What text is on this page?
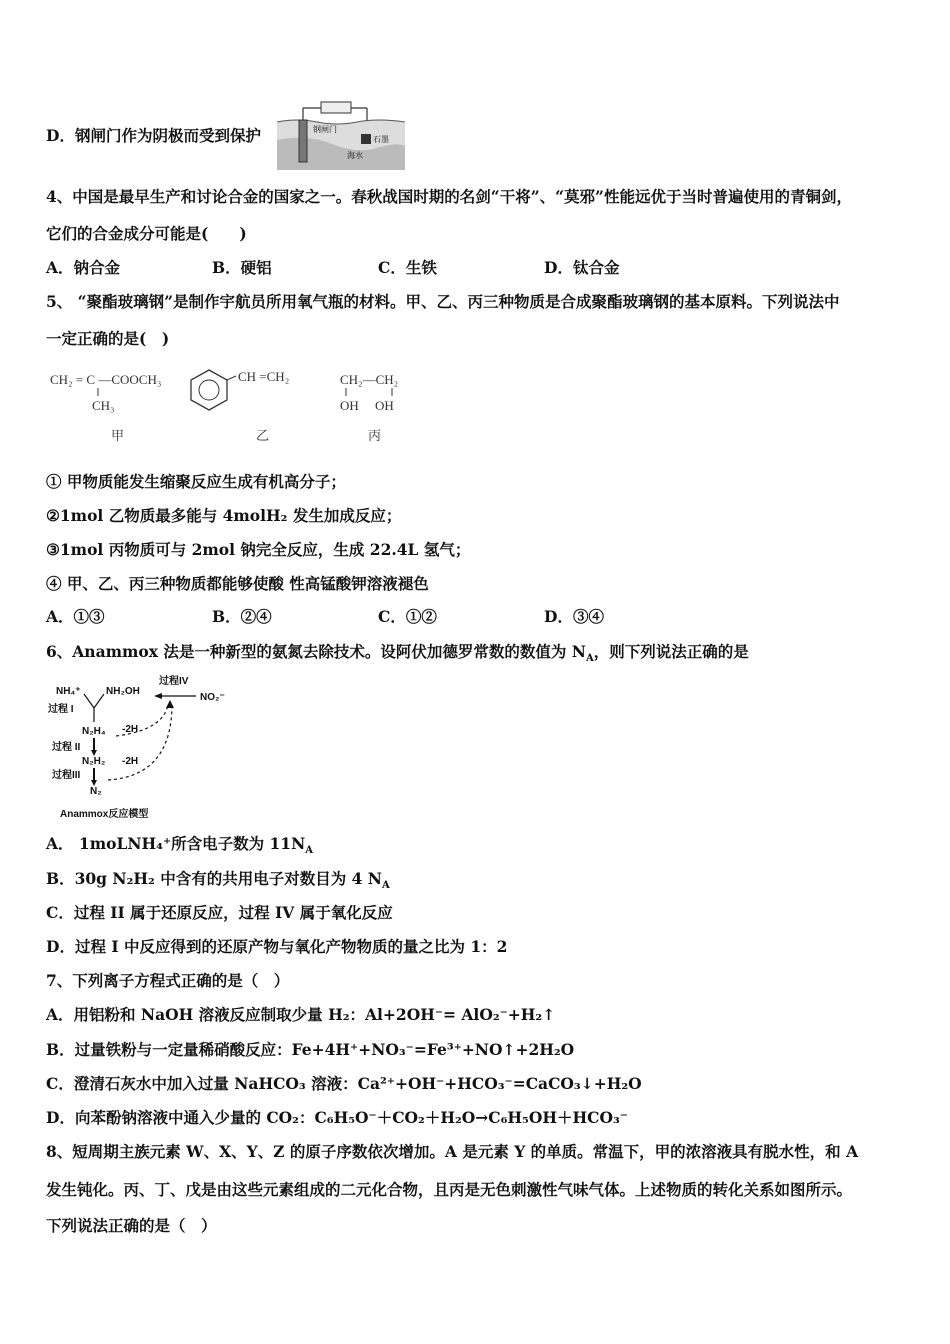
D．钢闸门作为阴极而受到保护	钢闸门
石墨
海水
4、中国是最早生产和讨论合金的国家之一。春秋战国时期的名剑“干将”、“莫邪”性能远优于当时普遍使用的青铜剑，
它们的合金成分可能是(　　)
A．钠合金	B．硬铝	C．生铁	D．钛合金
5、 “聚酯玻璃钢”是制作宇航员所用氧气瓶的材料。甲、乙、丙三种物质是合成聚酯玻璃钢的基本原料。下列说法中
一定正确的是(　)
CH₂ = C —COOCH₃
CH₃
甲
CH =CH₂
乙
CH₂—CH₂
OH　 OH
丙
① 甲物质能发生缩聚反应生成有机高分子；
②1mol 乙物质最多能与 4molH₂ 发生加成反应；
③1mol 丙物质可与 2mol 钠完全反应，生成 22.4L 氢气；
④ 甲、乙、丙三种物质都能够使酸 性高锰酸钾溶液褪色
A．①③	B．②④	C．①②	D．③④
6、Anammox 法是一种新型的氨氮去除技术。设阿伏加德罗常数的数值为 $N_A$，则下列说法正确的是
NH₄⁺	NH₂OH
NO₂⁻
过程IV
过程 I
N₂H₄ -2H
过程 II
N₂H₂ -2H
过程III
N₂
Anammox反应模型
A． 1moLNH₄⁺所含电子数为 $11N_A$
B．30g N₂H₂ 中含有的共用电子对数目为 4 $N_A$
C．过程 II 属于还原反应，过程 IV 属于氧化反应
D．过程 I 中反应得到的还原产物与氧化产物物质的量之比为 1：2
7、下列离子方程式正确的是（　）
A．用铝粉和 NaOH 溶液反应制取少量 H₂：Al+2OH⁻= AlO₂⁻+H₂↑
B．过量铁粉与一定量稀硝酸反应：Fe+4H⁺+NO₃⁻=Fe³⁺+NO↑+2H₂O
C．澄清石灰水中加入过量 NaHCO₃ 溶液：Ca²⁺+OH⁻+HCO₃⁻=CaCO₃↓+H₂O
D．向苯酚钠溶液中通入少量的 CO₂：C₆H₅O⁻＋CO₂＋H₂O→C₆H₅OH＋HCO₃⁻
8、短周期主族元素 W、X、Y、Z 的原子序数依次增加。A 是元素 Y 的单质。常温下，甲的浓溶液具有脱水性，和 A
发生钝化。丙、丁、戊是由这些元素组成的二元化合物，且丙是无色刺激性气味气体。上述物质的转化关系如图所示。
下列说法正确的是（　）
